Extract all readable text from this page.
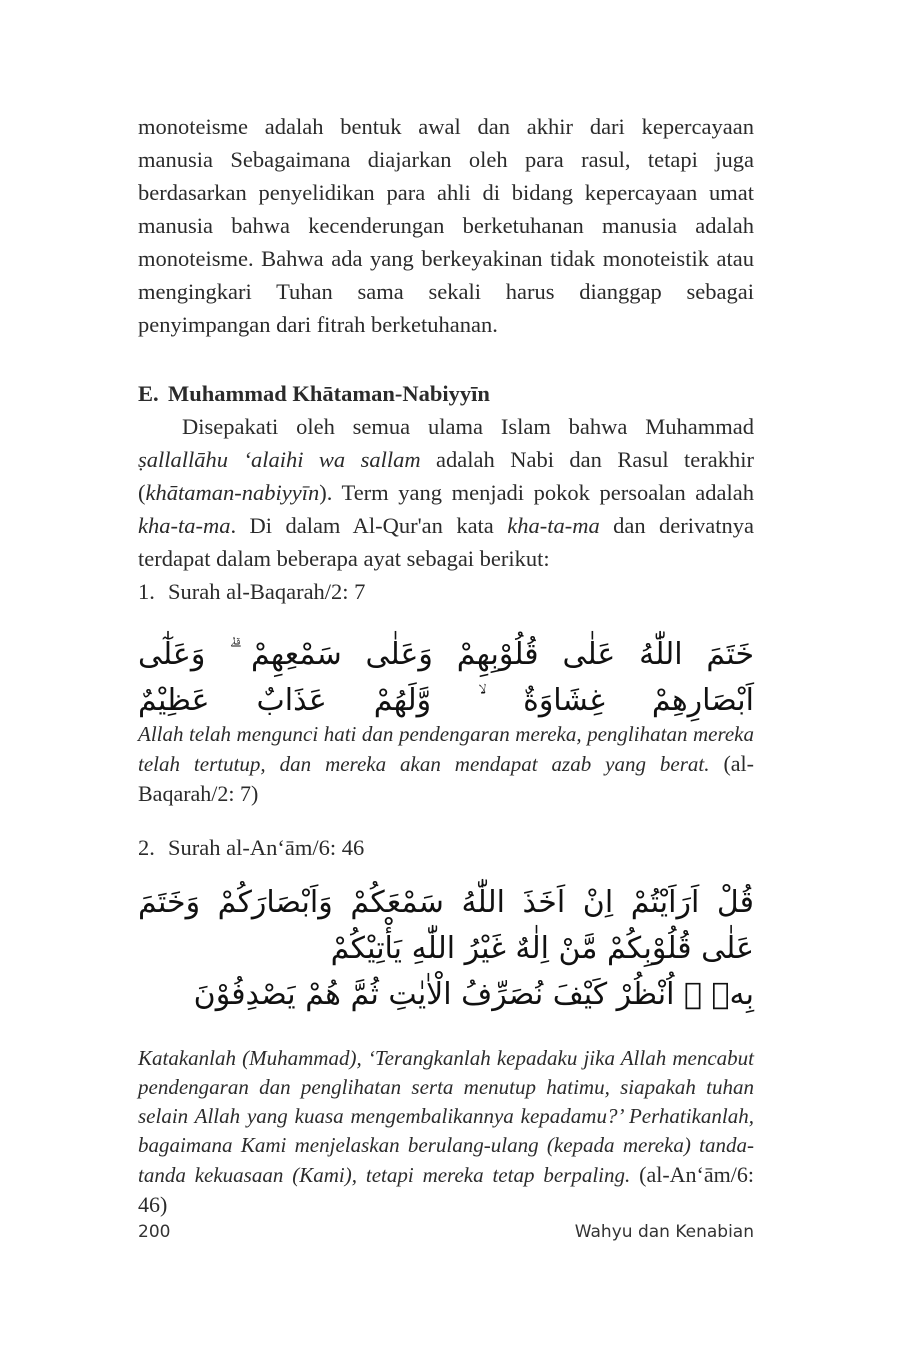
monoteisme adalah bentuk awal dan akhir dari kepercayaan manusia Sebagaimana diajarkan oleh para rasul, tetapi juga berdasarkan penyelidikan para ahli di bidang kepercayaan umat manusia bahwa kecenderungan berketuhanan manusia adalah monoteisme. Bahwa ada yang berkeyakinan tidak monoteistik atau mengingkari Tuhan sama sekali harus dianggap sebagai penyimpangan dari fitrah berketuhanan.

E. Muhammad Khātaman-Nabiyyīn

Disepakati oleh semua ulama Islam bahwa Muhammad ṣallallāhu ‘alaihi wa sallam adalah Nabi dan Rasul terakhir (khātaman-nabiyyīn). Term yang menjadi pokok persoalan adalah kha-ta-ma. Di dalam Al-Qur'an kata kha-ta-ma dan derivatnya terdapat dalam beberapa ayat sebagai berikut:

1. Surah al-Baqarah/2: 7

خَتَمَ اللّٰهُ عَلٰى قُلُوْبِهِمْ وَعَلٰى سَمْعِهِمْ ۗ وَعَلٰٓى اَبْصَارِهِمْ غِشَاوَةٌ ۙ وَّلَهُمْ عَذَابٌ عَظِيْمٌ

Allah telah mengunci hati dan pendengaran mereka, penglihatan mereka telah tertutup, dan mereka akan mendapat azab yang berat. (al-Baqarah/2: 7)

2. Surah al-An‘ām/6: 46

قُلْ اَرَاَيْتُمْ اِنْ اَخَذَ اللّٰهُ سَمْعَكُمْ وَاَبْصَارَكُمْ وَخَتَمَ عَلٰى قُلُوْبِكُمْ مَّنْ اِلٰهٌ غَيْرُ اللّٰهِ يَأْتِيْكُمْ
بِهٖ ۗ اُنْظُرْ كَيْفَ نُصَرِّفُ الْاٰيٰتِ ثُمَّ هُمْ يَصْدِفُوْنَ

Katakanlah (Muhammad), ‘Terangkanlah kepadaku jika Allah mencabut pendengaran dan penglihatan serta menutup hatimu, siapakah tuhan selain Allah yang kuasa mengembalikannya kepadamu?’ Perhatikanlah, bagaimana Kami menjelaskan berulang-ulang (kepada mereka) tanda-tanda kekuasaan (Kami), tetapi mereka tetap berpaling. (al-An‘ām/6: 46)

200	Wahyu dan Kenabian
